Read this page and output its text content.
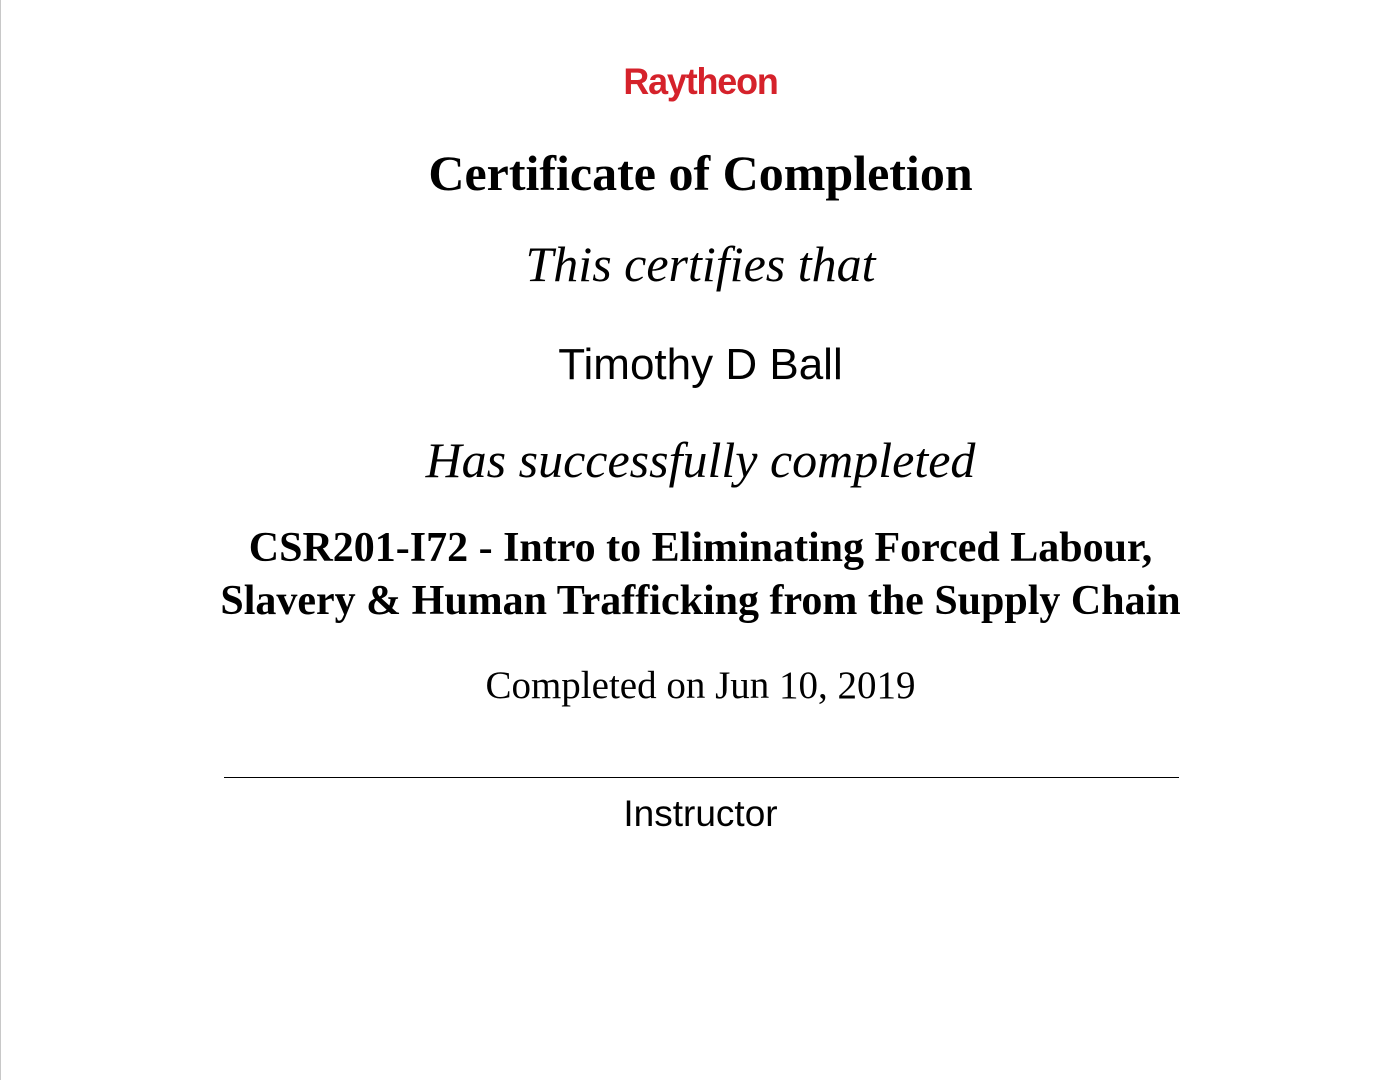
Raytheon
Certificate of Completion
This certifies that
Timothy D Ball
Has successfully completed
CSR201-I72 - Intro to Eliminating Forced Labour,
Slavery & Human Trafficking from the Supply Chain
Completed on Jun 10, 2019
Instructor
